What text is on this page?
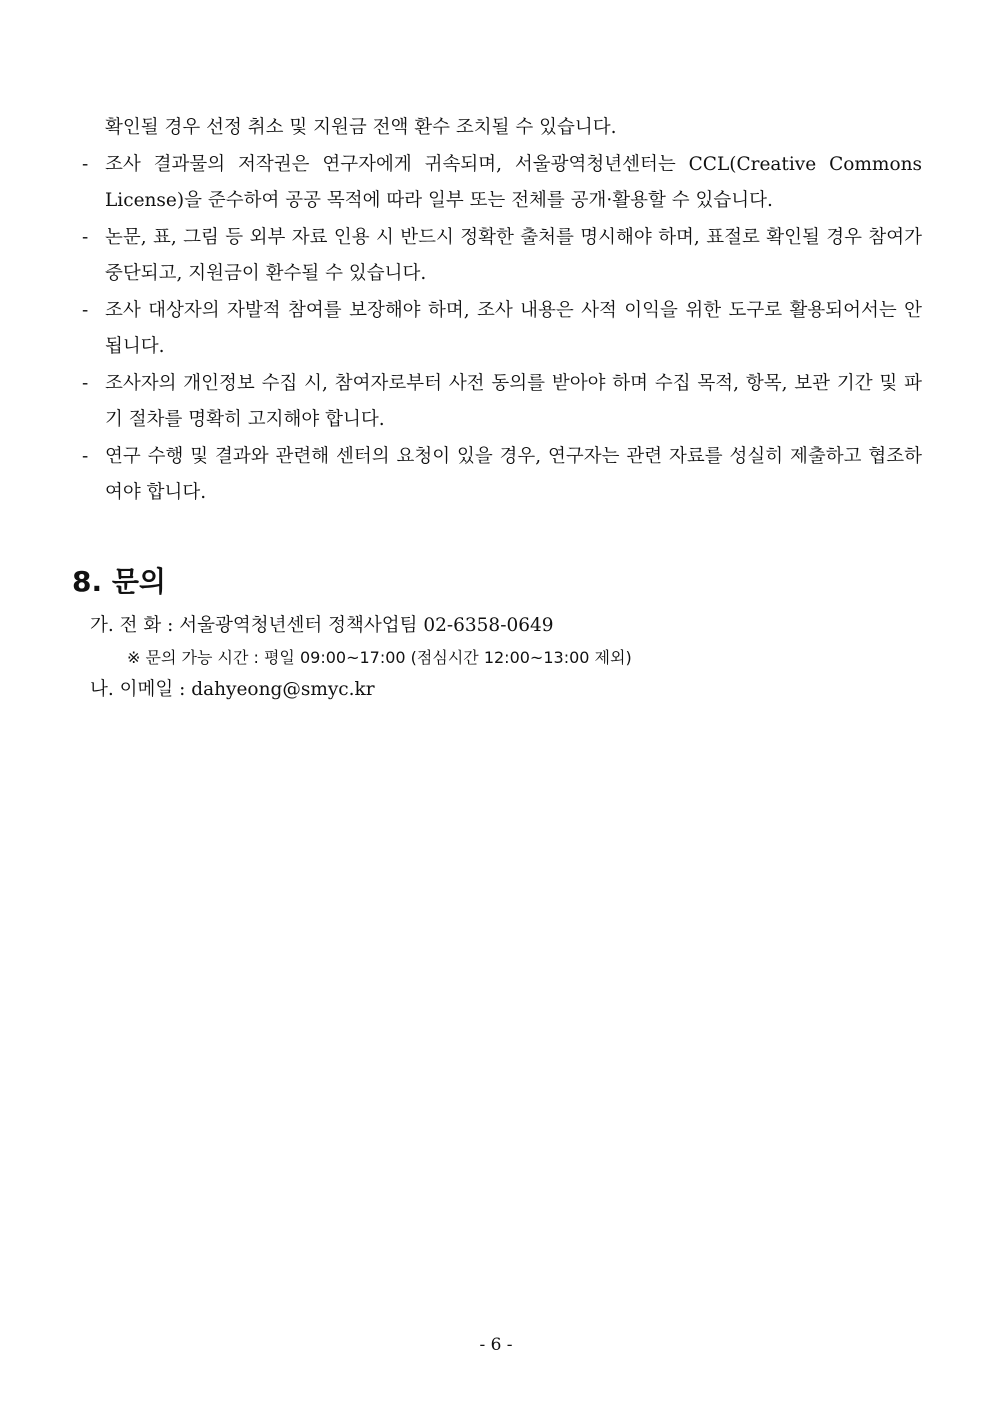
확인될 경우 선정 취소 및 지원금 전액 환수 조치될 수 있습니다.
- 조사 결과물의 저작권은 연구자에게 귀속되며, 서울광역청년센터는 CCL(Creative Commons License)을 준수하여 공공 목적에 따라 일부 또는 전체를 공개·활용할 수 있습니다.
- 논문, 표, 그림 등 외부 자료 인용 시 반드시 정확한 출처를 명시해야 하며, 표절로 확인될 경우 참여가 중단되고, 지원금이 환수될 수 있습니다.
- 조사 대상자의 자발적 참여를 보장해야 하며, 조사 내용은 사적 이익을 위한 도구로 활용되어서는 안 됩니다.
- 조사자의 개인정보 수집 시, 참여자로부터 사전 동의를 받아야 하며 수집 목적, 항목, 보관 기간 및 파기 절차를 명확히 고지해야 합니다.
- 연구 수행 및 결과와 관련해 센터의 요청이 있을 경우, 연구자는 관련 자료를 성실히 제출하고 협조하여야 합니다.
8. 문의
가. 전 화 : 서울광역청년센터 정책사업팀 02-6358-0649
※ 문의 가능 시간 : 평일 09:00~17:00 (점심시간 12:00~13:00 제외)
나. 이메일 : dahyeong@smyc.kr
- 6 -
